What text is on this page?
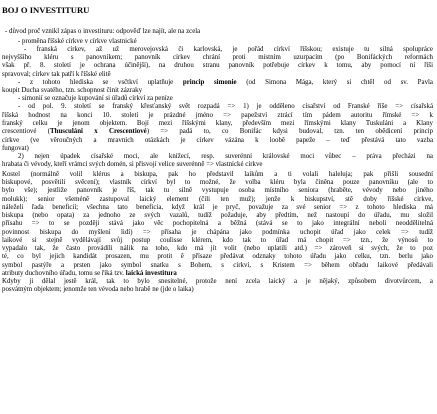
BOJ O INVESTITURU
- důvod proč vznikl zápas o investituru: odpověď lze najít, ale na zcela
- proměna říšské církve v církve vlastnické
- franská církev, až už merovejovská či karlovská, je pořád církví říšskou; existuje tu silná spolupráce
nejvyššího kléru s panovníkem; panovník církev chrání proti místním uzurpacím (po Bonifáckých reformách
však př. 8. století je ochrana účinější), na druhou stranu panovník potřebuje církev k tomu, aby pomocí ní říši
spravoval; církev tak patří k říšské elitě
- z tohoto hlediska se vsčtkví uplatňuje princip simonie (od Simona Mága, který si chtěl od sv. Pavla
koupit Ducha svatého, tzn. schopnost činit zázraky
- simonií se označuje kupování si úřadů církví za peníze
- od pol. 9. století se franský křesťanský svět rozpadá => 1) je odděleno císařství od Franské říše => císařská
říšská hodnost na konci 10. století je prázdné jméno => papežství ztrácí tím pádem autoritu římské => k
franský celku je jenom objektem. Bojí mezi říšskými klany, především mezi římskými klany Tuskuláni a Klany
crescentiové (Thusculáni x Crescentiové) => padá to, co Bonifác kdysi budoval, tzn. ten obědicení princip
církve (ve věroučných a mravních otázkách je církev vázána k loobě papeže – teď přestává tato vazba
fungovat)
2) nejen úpadek císařské moci, ale knížecí, resp. suverénní královské moci vůbec – práva přecházi na
hrabata či vévody, kteří vrámci svých domén, si přisvojí velice suverénně => vlastnické církve
Kostel (normálně volil klérus a biskupa, pak ho představil laikům a ti volali haleluja; pak přišli sousední
biskupové, posvětili svěcení); vlastník církví byl to možné, že volba kléru byla činěna pouze panovníku (ale to
bylo vše); jestliže panovník je říš, tak tu silně vystupuje osoba místního seniora (hraběte, vévody nebo jiného
molukk); senior všeméně zastupoval laický element (čili ten muž); jenže k biskupství, stě doby říšské církve,
náleželi řada beneficií; všechna tato beneficia, když král je pryč, považuje za své senior => z tohoto hlediska má
biskupa (nebo opata) za jednoho ze svých vazalů, tudíž požaduje, aby předtím, než nastoupí do úřadu, mu složil
přísahu => to se později stává jako věc pochopitelná a běžná (stává se to jako integrální neboli neoddělitelná
povinnost biskupa do myšlení lidí) => přísaha je chápána jako podmínka uchopit úřad jako celek => tudíž
laikové si stejně vydělávají svůj postup coulisse klérem, kdo tak to úřad má chopit => tzn., že výnosů to
vypadalo tak, že často provádíli nálik na toho, kdo má jít volit (nebo uplatili atd.) => zároveň si svých, že to poz
té, co byl jejich kandidát prosazen, mu protit ě přísaze předávat odznaky tohoto úřadu jako celku, tzn. berlu jako
symbol pastýře a prsten jako symbol snatku s Bohem, s církví, s Kristem => během obřadu laikové předávali
atributy duchovního úřadu, tomu se říká tzv. laická investitura
Kdyby ji dělal jestě král, tak to bylo snesitelné, protože není zcela laický a je nějaký, způsobem divotvůrcem, a
posvátným objektem; jenomže ten vévoda nebo hrabě ne (jde o laika)
